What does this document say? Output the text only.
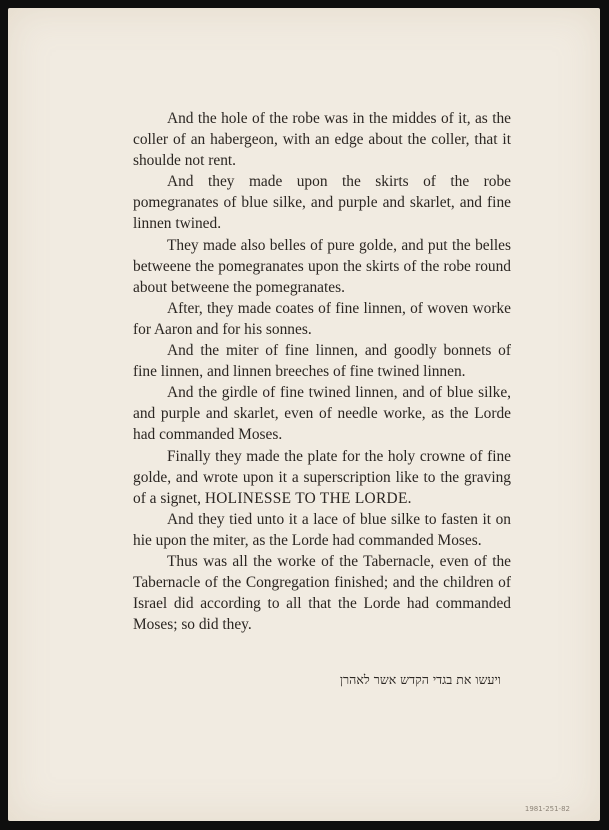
And the hole of the robe was in the middes of it, as the coller of an habergeon, with an edge about the coller, that it shoulde not rent.

And they made upon the skirts of the robe pomegranates of blue silke, and purple and skarlet, and fine linnen twined.

They made also belles of pure golde, and put the belles betweene the pomegranates upon the skirts of the robe round about betweene the pomegranates.

After, they made coates of fine linnen, of woven worke for Aaron and for his sonnes.

And the miter of fine linnen, and goodly bonnets of fine linnen, and linnen breeches of fine twined linnen.

And the girdle of fine twined linnen, and of blue silke, and purple and skarlet, even of needle worke, as the Lorde had commanded Moses.

Finally they made the plate for the holy crowne of fine golde, and wrote upon it a superscription like to the graving of a signet, HOLINESSE TO THE LORDE.

And they tied unto it a lace of blue silke to fasten it on hie upon the miter, as the Lorde had commanded Moses.

Thus was all the worke of the Tabernacle, even of the Tabernacle of the Congregation finished; and the children of Israel did according to all that the Lorde had commanded Moses; so did they.

ויעשו את בגדי הקדש אשר לאהרן
1981-251-82
